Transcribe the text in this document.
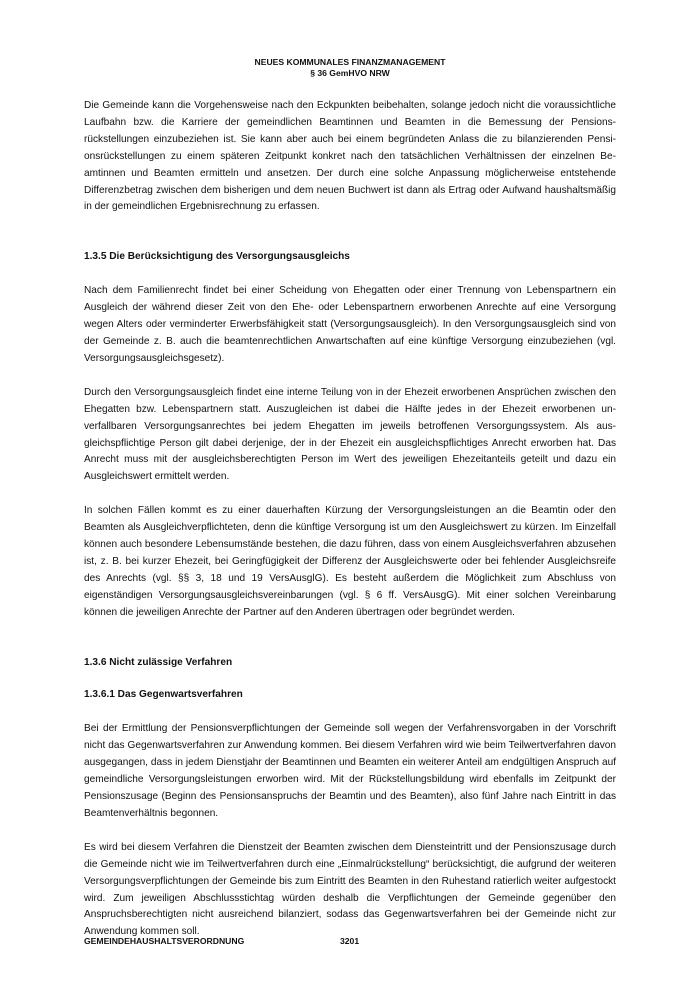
NEUES KOMMUNALES FINANZMANAGEMENT
§ 36 GemHVO NRW

Die Gemeinde kann die Vorgehensweise nach den Eckpunkten beibehalten, solange jedoch nicht die voraussichtliche Laufbahn bzw. die Karriere der gemeindlichen Beamtinnen und Beamten in die Bemessung der Pensionsrückstellungen einzubeziehen ist. Sie kann aber auch bei einem begründeten Anlass die zu bilanzierenden Pensionsrückstellungen zu einem späteren Zeitpunkt konkret nach den tatsächlichen Verhältnissen der einzelnen Beamtinnen und Beamten ermitteln und ansetzen. Der durch eine solche Anpassung möglicherweise entstehende Differenzbetrag zwischen dem bisherigen und dem neuen Buchwert ist dann als Ertrag oder Aufwand haushaltsmäßig in der gemeindlichen Ergebnisrechnung zu erfassen.

1.3.5 Die Berücksichtigung des Versorgungsausgleichs

Nach dem Familienrecht findet bei einer Scheidung von Ehegatten oder einer Trennung von Lebenspartnern ein Ausgleich der während dieser Zeit von den Ehe- oder Lebenspartnern erworbenen Anrechte auf eine Versorgung wegen Alters oder verminderter Erwerbsfähigkeit statt (Versorgungsausgleich). In den Versorgungsausgleich sind von der Gemeinde z. B. auch die beamtenrechtlichen Anwartschaften auf eine künftige Versorgung einzubeziehen (vgl. Versorgungsausgleichsgesetz).

Durch den Versorgungsausgleich findet eine interne Teilung von in der Ehezeit erworbenen Ansprüchen zwischen den Ehegatten bzw. Lebenspartnern statt. Auszugleichen ist dabei die Hälfte jedes in der Ehezeit erworbenen unverfallbaren Versorgungsanrechtes bei jedem Ehegatten im jeweils betroffenen Versorgungssystem. Als ausgleichspflichtige Person gilt dabei derjenige, der in der Ehezeit ein ausgleichspflichtiges Anrecht erworben hat. Das Anrecht muss mit der ausgleichsberechtigten Person im Wert des jeweiligen Ehezeitanteils geteilt und dazu ein Ausgleichswert ermittelt werden.

In solchen Fällen kommt es zu einer dauerhaften Kürzung der Versorgungsleistungen an die Beamtin oder den Beamten als Ausgleichverpflichteten, denn die künftige Versorgung ist um den Ausgleichswert zu kürzen. Im Einzelfall können auch besondere Lebensumstände bestehen, die dazu führen, dass von einem Ausgleichsverfahren abzusehen ist, z. B. bei kurzer Ehezeit, bei Geringfügigkeit der Differenz der Ausgleichswerte oder bei fehlender Ausgleichsreife des Anrechts (vgl. §§ 3, 18 und 19 VersAusglG). Es besteht außerdem die Möglichkeit zum Abschluss von eigenständigen Versorgungsausgleichsvereinbarungen (vgl. § 6 ff. VersAusgG). Mit einer solchen Vereinbarung können die jeweiligen Anrechte der Partner auf den Anderen übertragen oder begründet werden.

1.3.6 Nicht zulässige Verfahren

1.3.6.1 Das Gegenwartsverfahren

Bei der Ermittlung der Pensionsverpflichtungen der Gemeinde soll wegen der Verfahrensvorgaben in der Vorschrift nicht das Gegenwartsverfahren zur Anwendung kommen. Bei diesem Verfahren wird wie beim Teilwertverfahren davon ausgegangen, dass in jedem Dienstjahr der Beamtinnen und Beamten ein weiterer Anteil am endgültigen Anspruch auf gemeindliche Versorgungsleistungen erworben wird. Mit der Rückstellungsbildung wird ebenfalls im Zeitpunkt der Pensionszusage (Beginn des Pensionsanspruchs der Beamtin und des Beamten), also fünf Jahre nach Eintritt in das Beamtenverhältnis begonnen.

Es wird bei diesem Verfahren die Dienstzeit der Beamten zwischen dem Diensteintritt und der Pensionszusage durch die Gemeinde nicht wie im Teilwertverfahren durch eine „Einmalrückstellung“ berücksichtigt, die aufgrund der weiteren Versorgungsverpflichtungen der Gemeinde bis zum Eintritt des Beamten in den Ruhestand ratierlich weiter aufgestockt wird. Zum jeweiligen Abschlussstichtag würden deshalb die Verpflichtungen der Gemeinde gegenüber den Anspruchsberechtigten nicht ausreichend bilanziert, sodass das Gegenwartsverfahren bei der Gemeinde nicht zur Anwendung kommen soll.

GEMEINDEHAUSHALTSVERORDNUNG	3201
